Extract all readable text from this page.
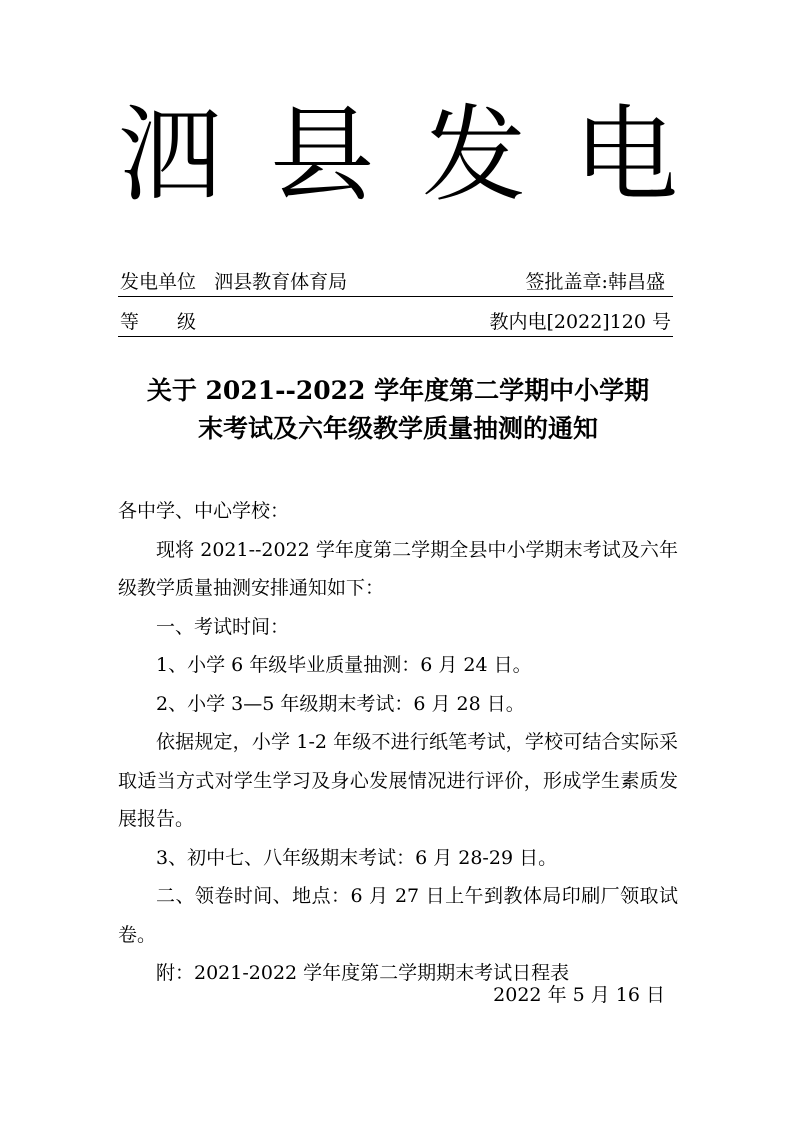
泗 县 发 电
发电单位 泗县教育体育局	签批盖章:韩昌盛
等　　级	教内电[2022]120 号
关于 2021--2022 学年度第二学期中小学期
末考试及六年级教学质量抽测的通知

各中学、中心学校：

现将 2021--2022 学年度第二学期全县中小学期末考试及六年级教学质量抽测安排通知如下：

一、考试时间：

1、小学 6 年级毕业质量抽测：6 月 24 日。

2、小学 3—5 年级期末考试：6 月 28 日。

依据规定，小学 1-2 年级不进行纸笔考试，学校可结合实际采取适当方式对学生学习及身心发展情况进行评价，形成学生素质发展报告。

3、初中七、八年级期末考试：6 月 28-29 日。

二、领卷时间、地点：6 月 27 日上午到教体局印刷厂领取试卷。

附：2021-2022 学年度第二学期期末考试日程表

2022 年 5 月 16 日
